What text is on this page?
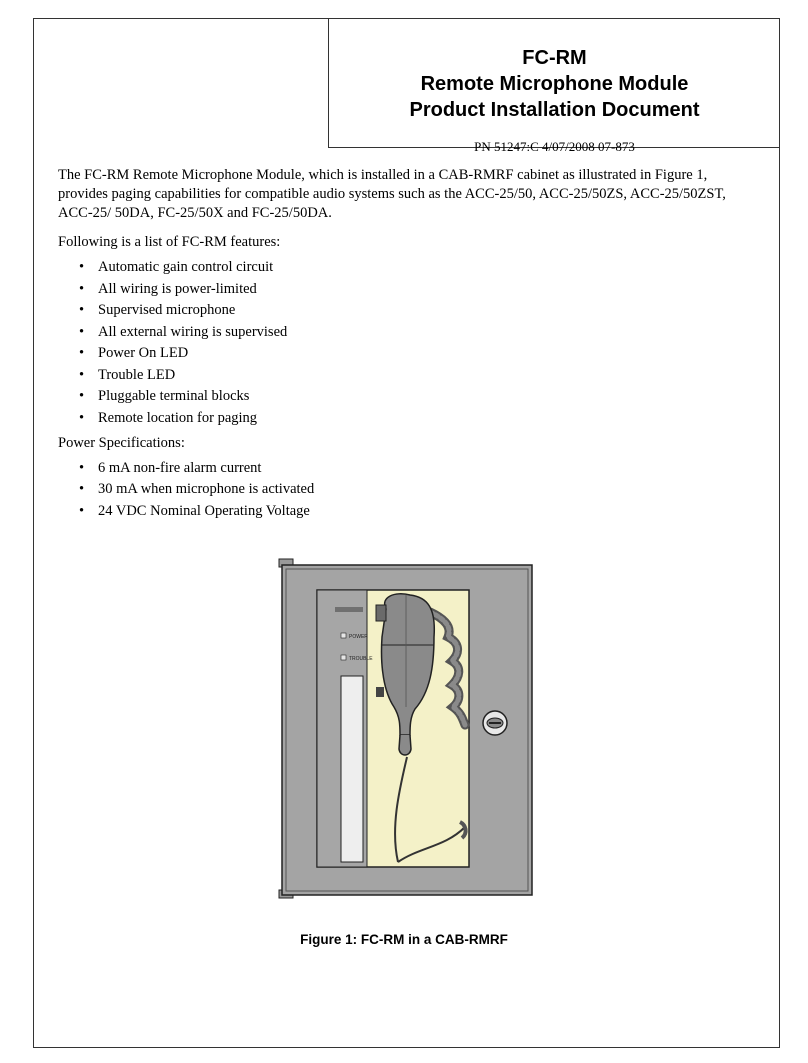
FC-RM
Remote Microphone Module
Product Installation Document
PN 51247:C 4/07/2008 07-873

The FC-RM Remote Microphone Module, which is installed in a CAB-RMRF cabinet as illustrated in Figure 1, provides paging capabilities for compatible audio systems such as the ACC-25/50, ACC-25/50ZS, ACC-25/50ZST, ACC-25/ 50DA, FC-25/50X and FC-25/50DA.

Following is a list of FC-RM features:

• Automatic gain control circuit
• All wiring is power-limited
• Supervised microphone
• All external wiring is supervised
• Power On LED
• Trouble LED
• Pluggable terminal blocks
• Remote location for paging

Power Specifications:

• 6 mA non-fire alarm current
• 30 mA when microphone is activated
• 24 VDC Nominal Operating Voltage
POWER
TROUBLE
Figure 1: FC-RM in a CAB-RMRF
